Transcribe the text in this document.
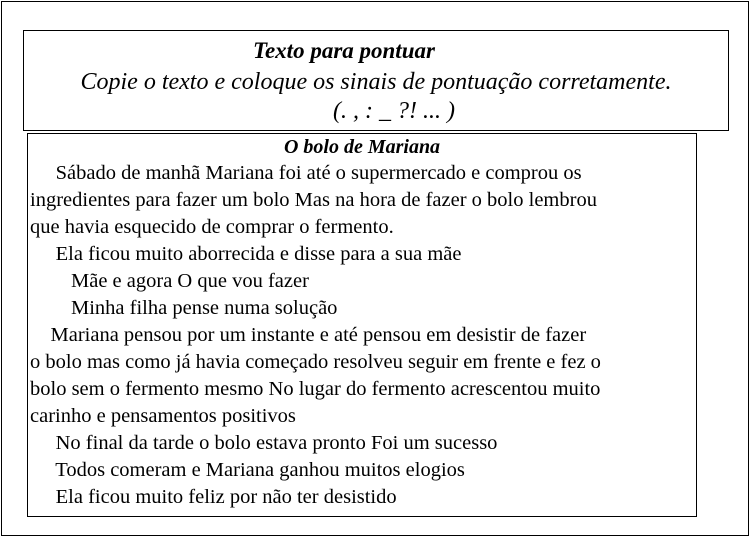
Texto para pontuar
Copie o texto e coloque os sinais de pontuação corretamente.
(. , : _ ?! ... )
O bolo de Mariana
Sábado de manhã Mariana foi até o supermercado e comprou os
ingredientes para fazer um bolo Mas na hora de fazer o bolo lembrou
que havia esquecido de comprar o fermento.
Ela ficou muito aborrecida e disse para a sua mãe
Mãe e agora O que vou fazer
Minha filha pense numa solução
Mariana pensou por um instante e até pensou em desistir de fazer
o bolo mas como já havia começado resolveu seguir em frente e fez o
bolo sem o fermento mesmo No lugar do fermento acrescentou muito
carinho e pensamentos positivos
No final da tarde o bolo estava pronto Foi um sucesso
Todos comeram e Mariana ganhou muitos elogios
Ela ficou muito feliz por não ter desistido
